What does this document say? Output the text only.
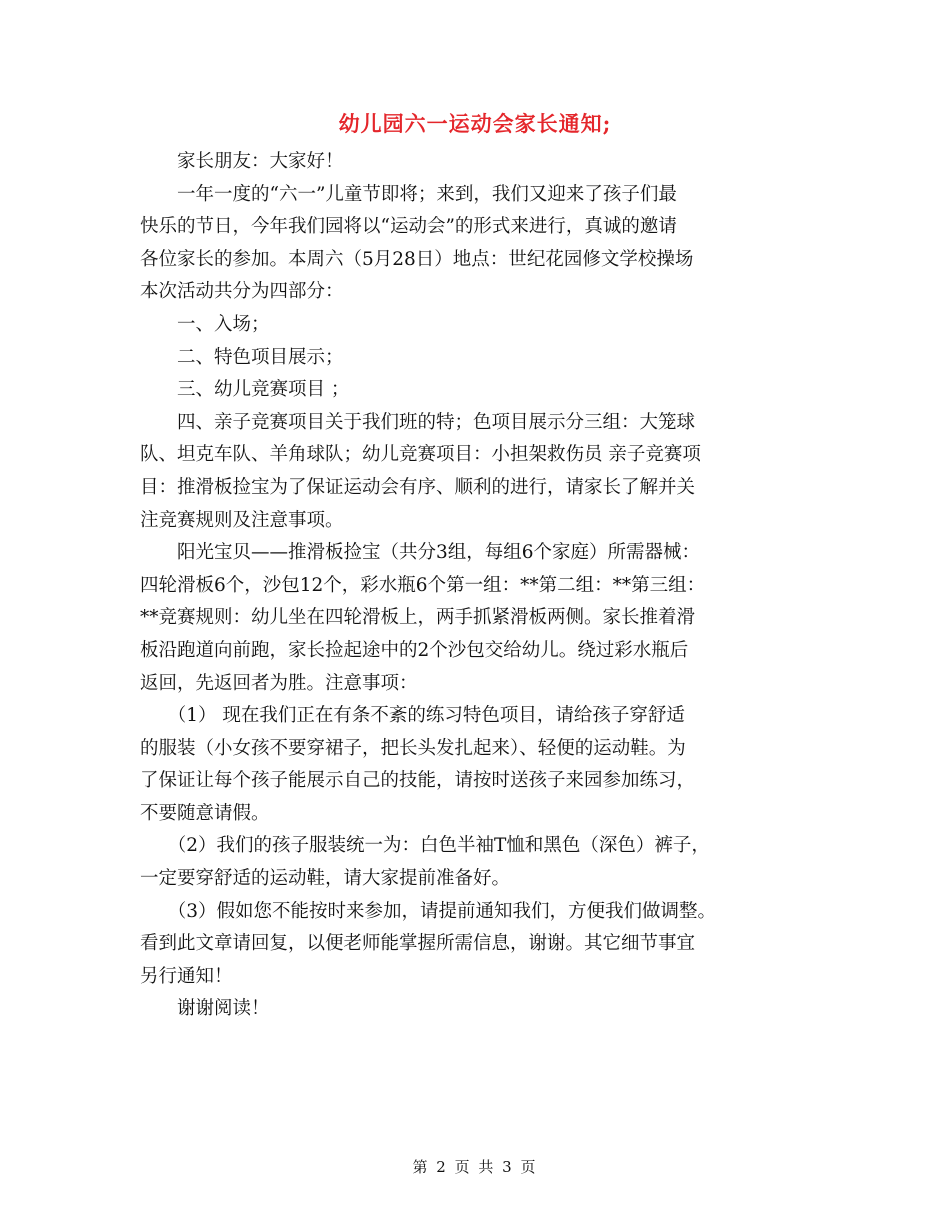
幼儿园六一运动会家长通知;

　　家长朋友：大家好！

　　一年一度的“六一”儿童节即将；来到，我们又迎来了孩子们最

快乐的节日，今年我们园将以“运动会”的形式来进行，真诚的邀请

各位家长的参加。本周六（5月28日）地点：世纪花园修文学校操场

本次活动共分为四部分：

　　一、入场；

　　二、特色项目展示；

　　三、幼儿竞赛项目 ；

　　四、亲子竞赛项目关于我们班的特；色项目展示分三组：大笼球

队、坦克车队、羊角球队；幼儿竞赛项目：小担架救伤员 亲子竞赛项

目：推滑板捡宝为了保证运动会有序、顺利的进行，请家长了解并关

注竞赛规则及注意事项。

　　阳光宝贝——推滑板捡宝（共分3组，每组6个家庭）所需器械：

四轮滑板6个，沙包12个，彩水瓶6个第一组：**第二组：**第三组：

**竞赛规则：幼儿坐在四轮滑板上，两手抓紧滑板两侧。家长推着滑

板沿跑道向前跑，家长捡起途中的2个沙包交给幼儿。绕过彩水瓶后

返回，先返回者为胜。注意事项：

　　（1） 现在我们正在有条不紊的练习特色项目，请给孩子穿舒适

的服装（小女孩不要穿裙子，把长头发扎起来）、轻便的运动鞋。为

了保证让每个孩子能展示自己的技能，请按时送孩子来园参加练习，

不要随意请假。

　　（2）我们的孩子服装统一为：白色半袖T恤和黑色（深色）裤子，

一定要穿舒适的运动鞋，请大家提前准备好。

　　（3）假如您不能按时来参加，请提前通知我们，方便我们做调整。

看到此文章请回复，以便老师能掌握所需信息，谢谢。其它细节事宜

另行通知！

　　谢谢阅读！

第 2 页 共 3 页
